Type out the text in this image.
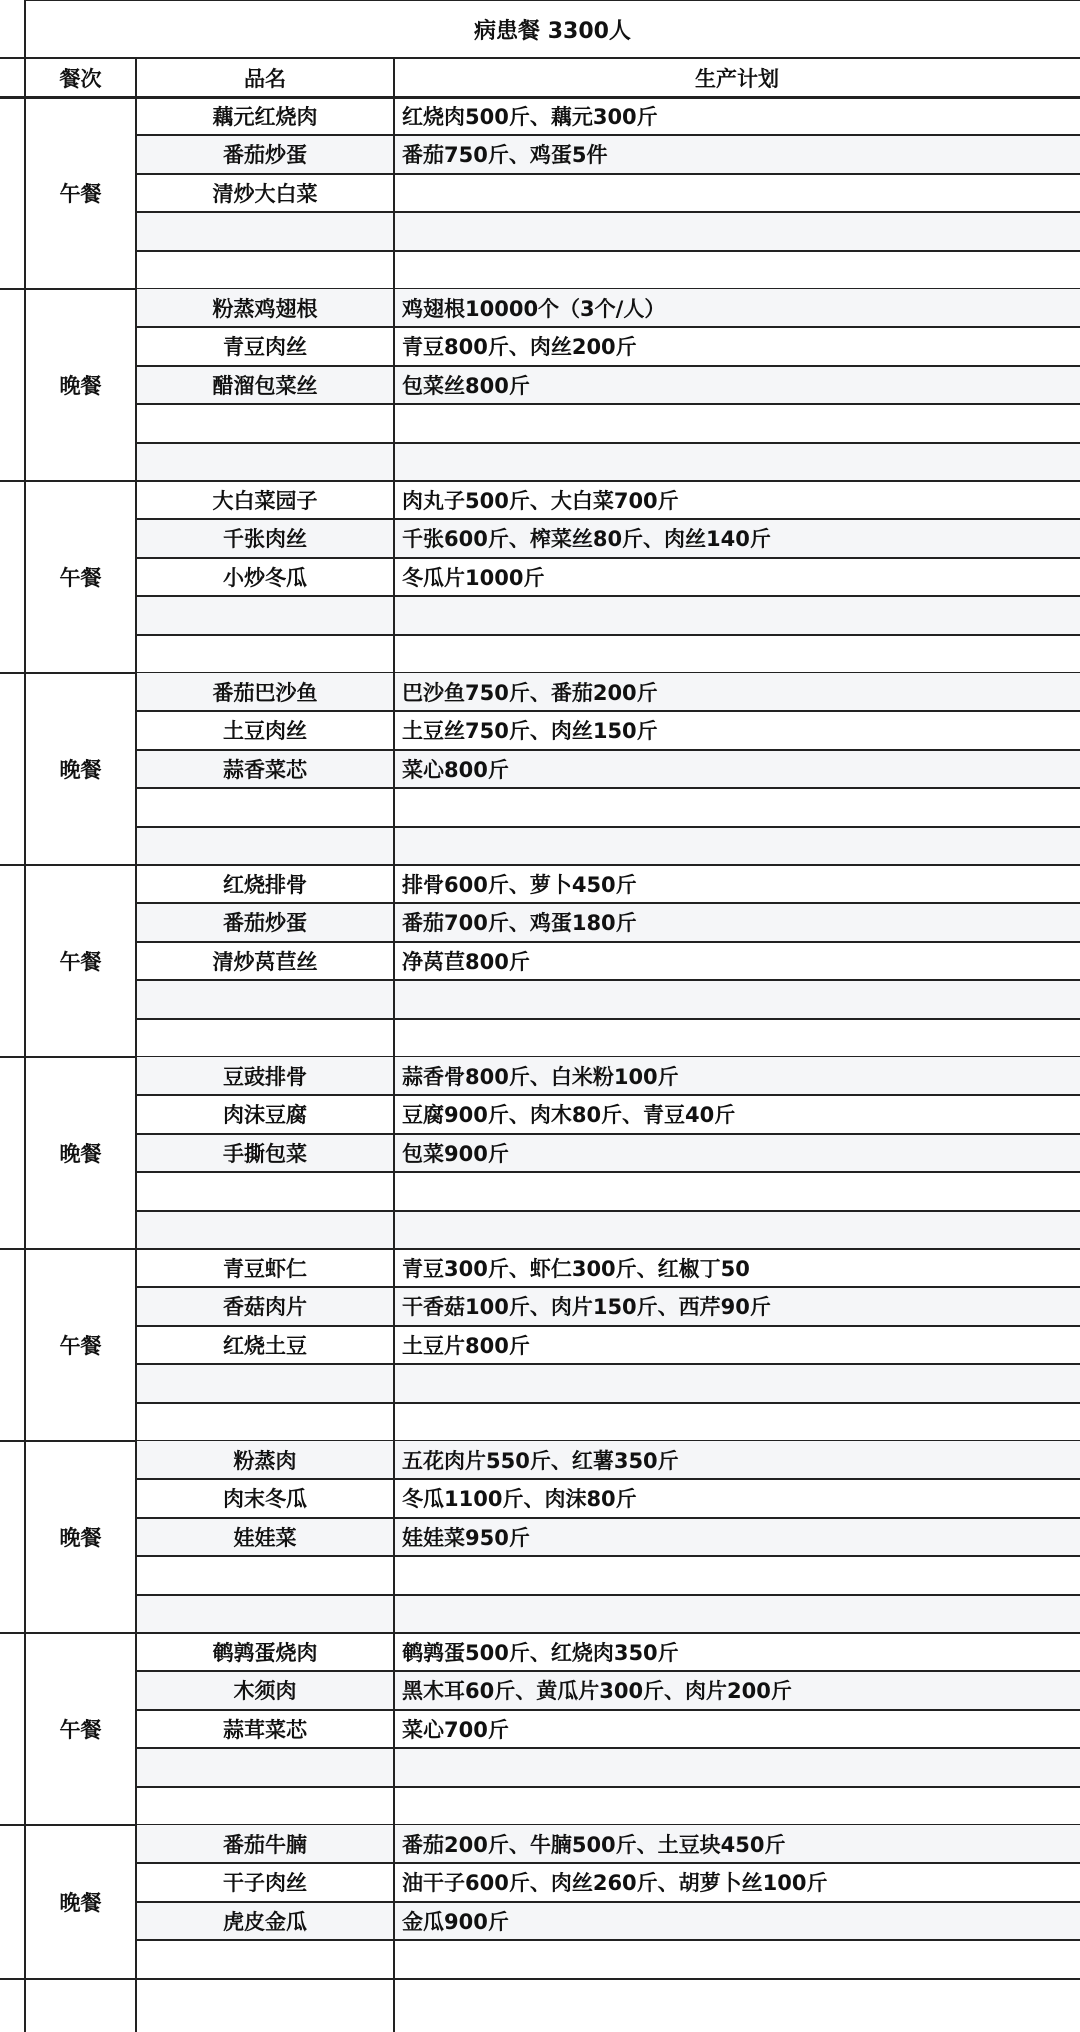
病患餐 3300人
餐次	品名	生产计划
午餐
藕元红烧肉	红烧肉500斤、藕元300斤
番茄炒蛋	番茄750斤、鸡蛋5件
清炒大白菜
晚餐
粉蒸鸡翅根	鸡翅根10000个（3个/人）
青豆肉丝	青豆800斤、肉丝200斤
醋溜包菜丝	包菜丝800斤
午餐
大白菜园子	肉丸子500斤、大白菜700斤
千张肉丝	千张600斤、榨菜丝80斤、肉丝140斤
小炒冬瓜	冬瓜片1000斤
晚餐
番茄巴沙鱼	巴沙鱼750斤、番茄200斤
土豆肉丝	土豆丝750斤、肉丝150斤
蒜香菜芯	菜心800斤
午餐
红烧排骨	排骨600斤、萝卜450斤
番茄炒蛋	番茄700斤、鸡蛋180斤
清炒莴苣丝	净莴苣800斤
晚餐
豆豉排骨	蒜香骨800斤、白米粉100斤
肉沫豆腐	豆腐900斤、肉木80斤、青豆40斤
手撕包菜	包菜900斤
午餐
青豆虾仁	青豆300斤、虾仁300斤、红椒丁50
香菇肉片	干香菇100斤、肉片150斤、西芹90斤
红烧土豆	土豆片800斤
晚餐
粉蒸肉	五花肉片550斤、红薯350斤
肉末冬瓜	冬瓜1100斤、肉沫80斤
娃娃菜	娃娃菜950斤
午餐
鹌鹑蛋烧肉	鹌鹑蛋500斤、红烧肉350斤
木须肉	黑木耳60斤、黄瓜片300斤、肉片200斤
蒜茸菜芯	菜心700斤
晚餐
番茄牛腩	番茄200斤、牛腩500斤、土豆块450斤
干子肉丝	油干子600斤、肉丝260斤、胡萝卜丝100斤
虎皮金瓜	金瓜900斤
